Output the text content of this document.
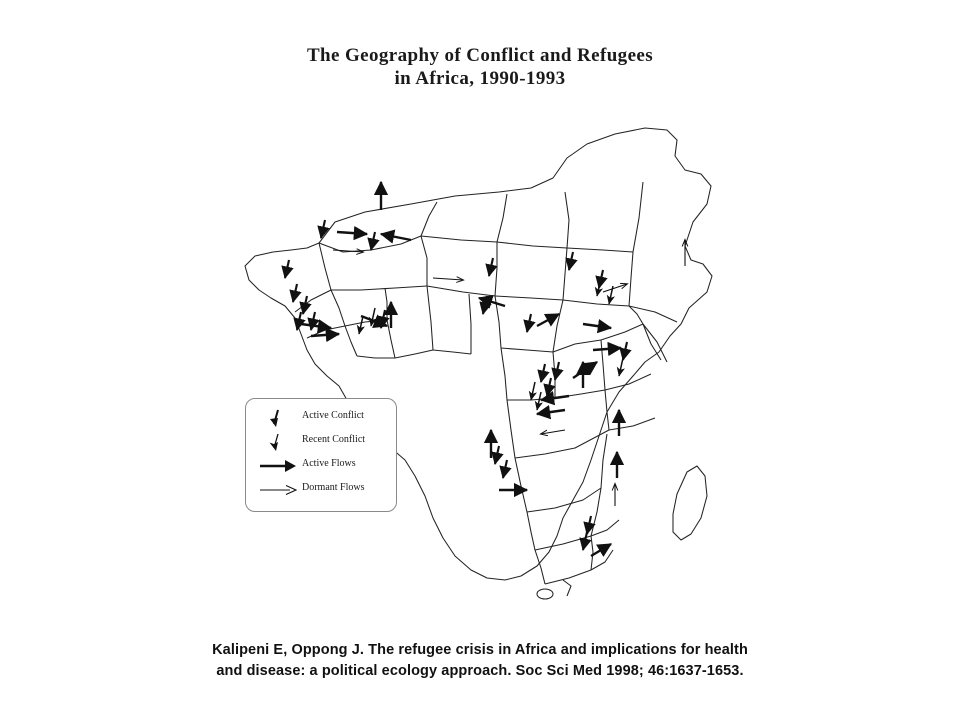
The Geography of Conflict and Refugees
in Africa, 1990-1993
Active Conflict
Recent Conflict
Active Flows
Dormant Flows
Kalipeni E, Oppong J. The refugee crisis in Africa and implications for health
and disease: a political ecology approach. Soc Sci Med 1998; 46:1637-1653.
